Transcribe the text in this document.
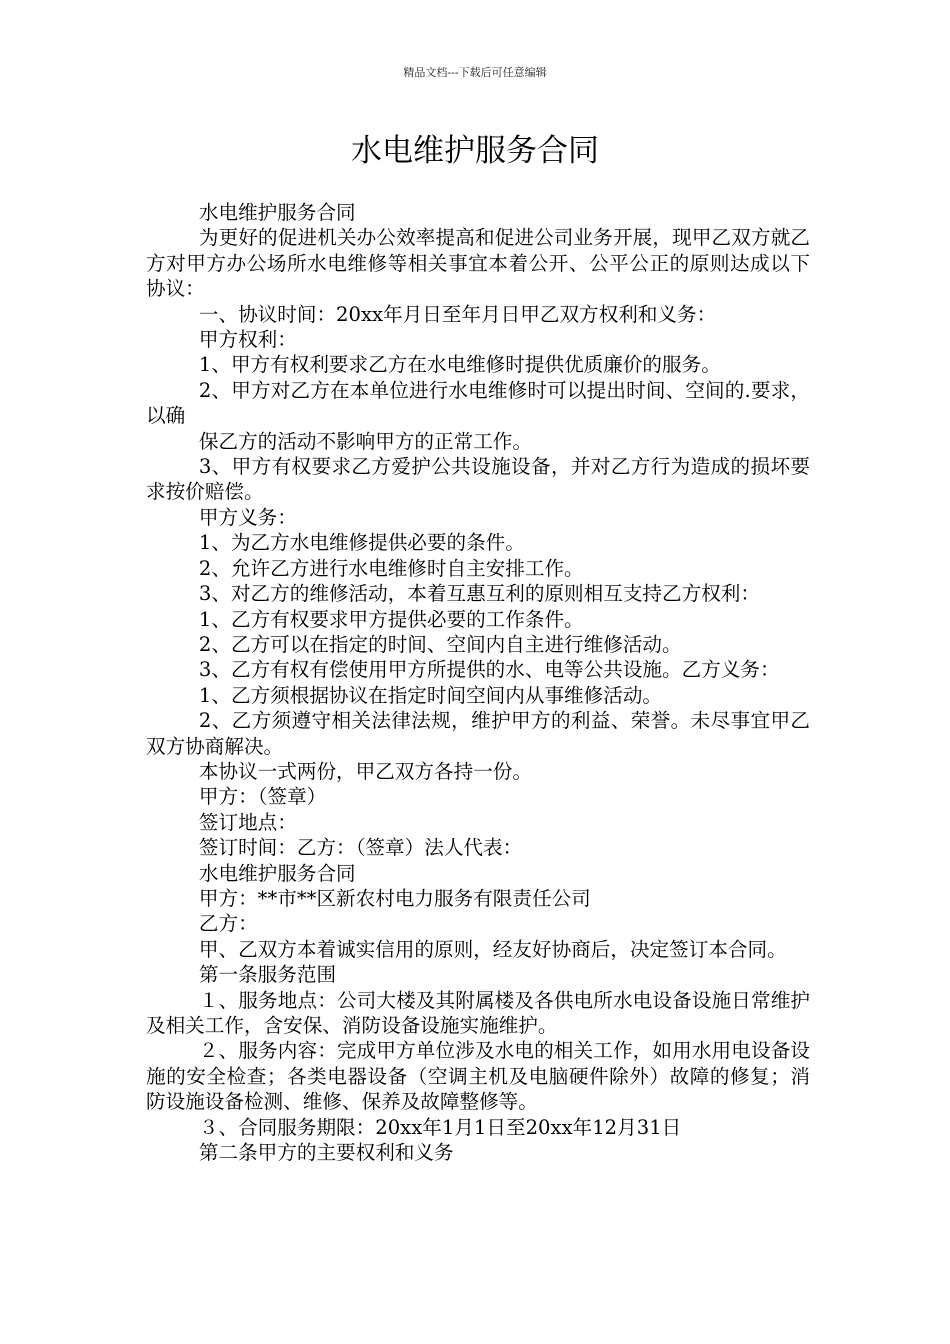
精品文档---下载后可任意编辑
水电维护服务合同

水电维护服务合同

为更好的促进机关办公效率提高和促进公司业务开展，现甲乙双方就乙方对甲方办公场所水电维修等相关事宜本着公开、公平公正的原则达成以下协议：

一、协议时间：20xx年月日至年月日甲乙双方权利和义务：

甲方权利：

1、甲方有权利要求乙方在水电维修时提供优质廉价的服务。

2、甲方对乙方在本单位进行水电维修时可以提出时间、空间的.要求，以确

保乙方的活动不影响甲方的正常工作。

3、甲方有权要求乙方爱护公共设施设备，并对乙方行为造成的损坏要求按价赔偿。

甲方义务：

1、为乙方水电维修提供必要的条件。

2、允许乙方进行水电维修时自主安排工作。

3、对乙方的维修活动，本着互惠互利的原则相互支持乙方权利：

1、乙方有权要求甲方提供必要的工作条件。

2、乙方可以在指定的时间、空间内自主进行维修活动。

3、乙方有权有偿使用甲方所提供的水、电等公共设施。乙方义务：

1、乙方须根据协议在指定时间空间内从事维修活动。

2、乙方须遵守相关法律法规，维护甲方的利益、荣誉。未尽事宜甲乙双方协商解决。

本协议一式两份，甲乙双方各持一份。

甲方：（签章）

签订地点：

签订时间：乙方：（签章）法人代表：

水电维护服务合同

甲方：**市**区新农村电力服务有限责任公司

乙方：

甲、乙双方本着诚实信用的原则，经友好协商后，决定签订本合同。

第一条服务范围

１、服务地点：公司大楼及其附属楼及各供电所水电设备设施日常维护及相关工作，含安保、消防设备设施实施维护。

２、服务内容：完成甲方单位涉及水电的相关工作，如用水用电设备设施的安全检查；各类电器设备（空调主机及电脑硬件除外）故障的修复；消防设施设备检测、维修、保养及故障整修等。

３、合同服务期限：20xx年1月1日至20xx年12月31日

第二条甲方的主要权利和义务
